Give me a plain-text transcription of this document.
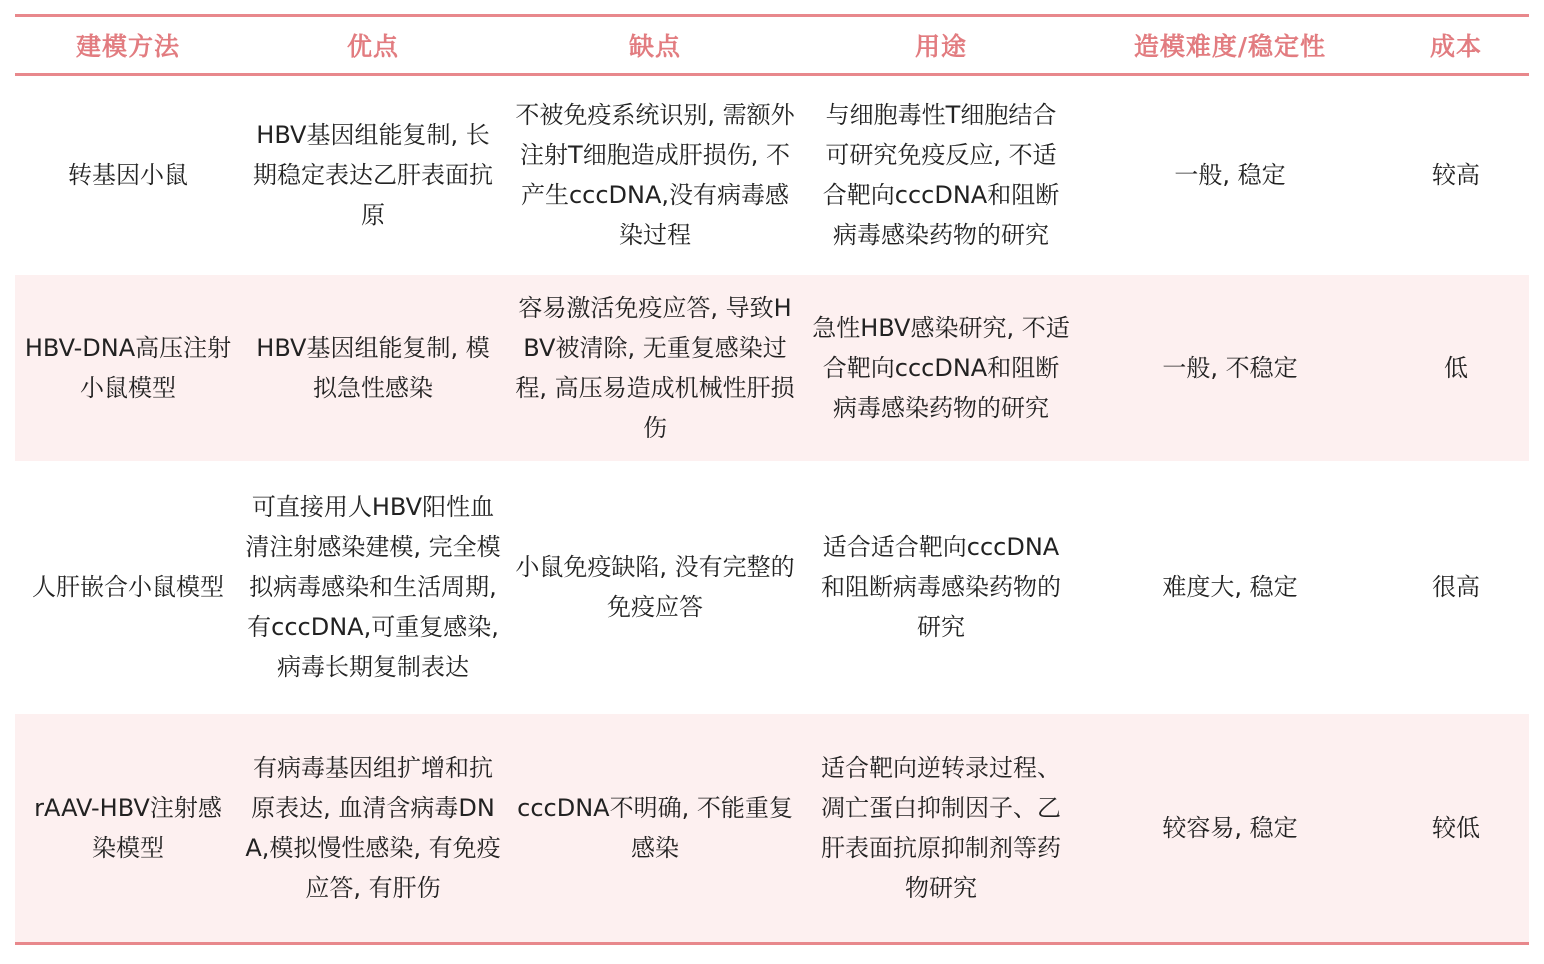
建模方法	优点	缺点	用途	造模难度/稳定性	成本
转基因小鼠	HBV基因组能复制, 长期稳定表达乙肝表面抗原	不被免疫系统识别, 需额外注射T细胞造成肝损伤, 不产生cccDNA,没有病毒感染过程	与细胞毒性T细胞结合可研究免疫反应, 不适合靶向cccDNA和阻断病毒感染药物的研究	一般, 稳定	较高
HBV-DNA高压注射小鼠模型	HBV基因组能复制, 模拟急性感染	容易激活免疫应答, 导致HBV被清除, 无重复感染过程, 高压易造成机械性肝损伤	急性HBV感染研究, 不适合靶向cccDNA和阻断病毒感染药物的研究	一般, 不稳定	低
人肝嵌合小鼠模型	可直接用人HBV阳性血清注射感染建模, 完全模拟病毒感染和生活周期, 有cccDNA,可重复感染, 病毒长期复制表达	小鼠免疫缺陷, 没有完整的免疫应答	适合适合靶向cccDNA和阻断病毒感染药物的研究	难度大, 稳定	很高
rAAV-HBV注射感染模型	有病毒基因组扩增和抗原表达, 血清含病毒DNA,模拟慢性感染, 有免疫应答, 有肝伤	cccDNA不明确, 不能重复感染	适合靶向逆转录过程、凋亡蛋白抑制因子、乙肝表面抗原抑制剂等药物研究	较容易, 稳定	较低
